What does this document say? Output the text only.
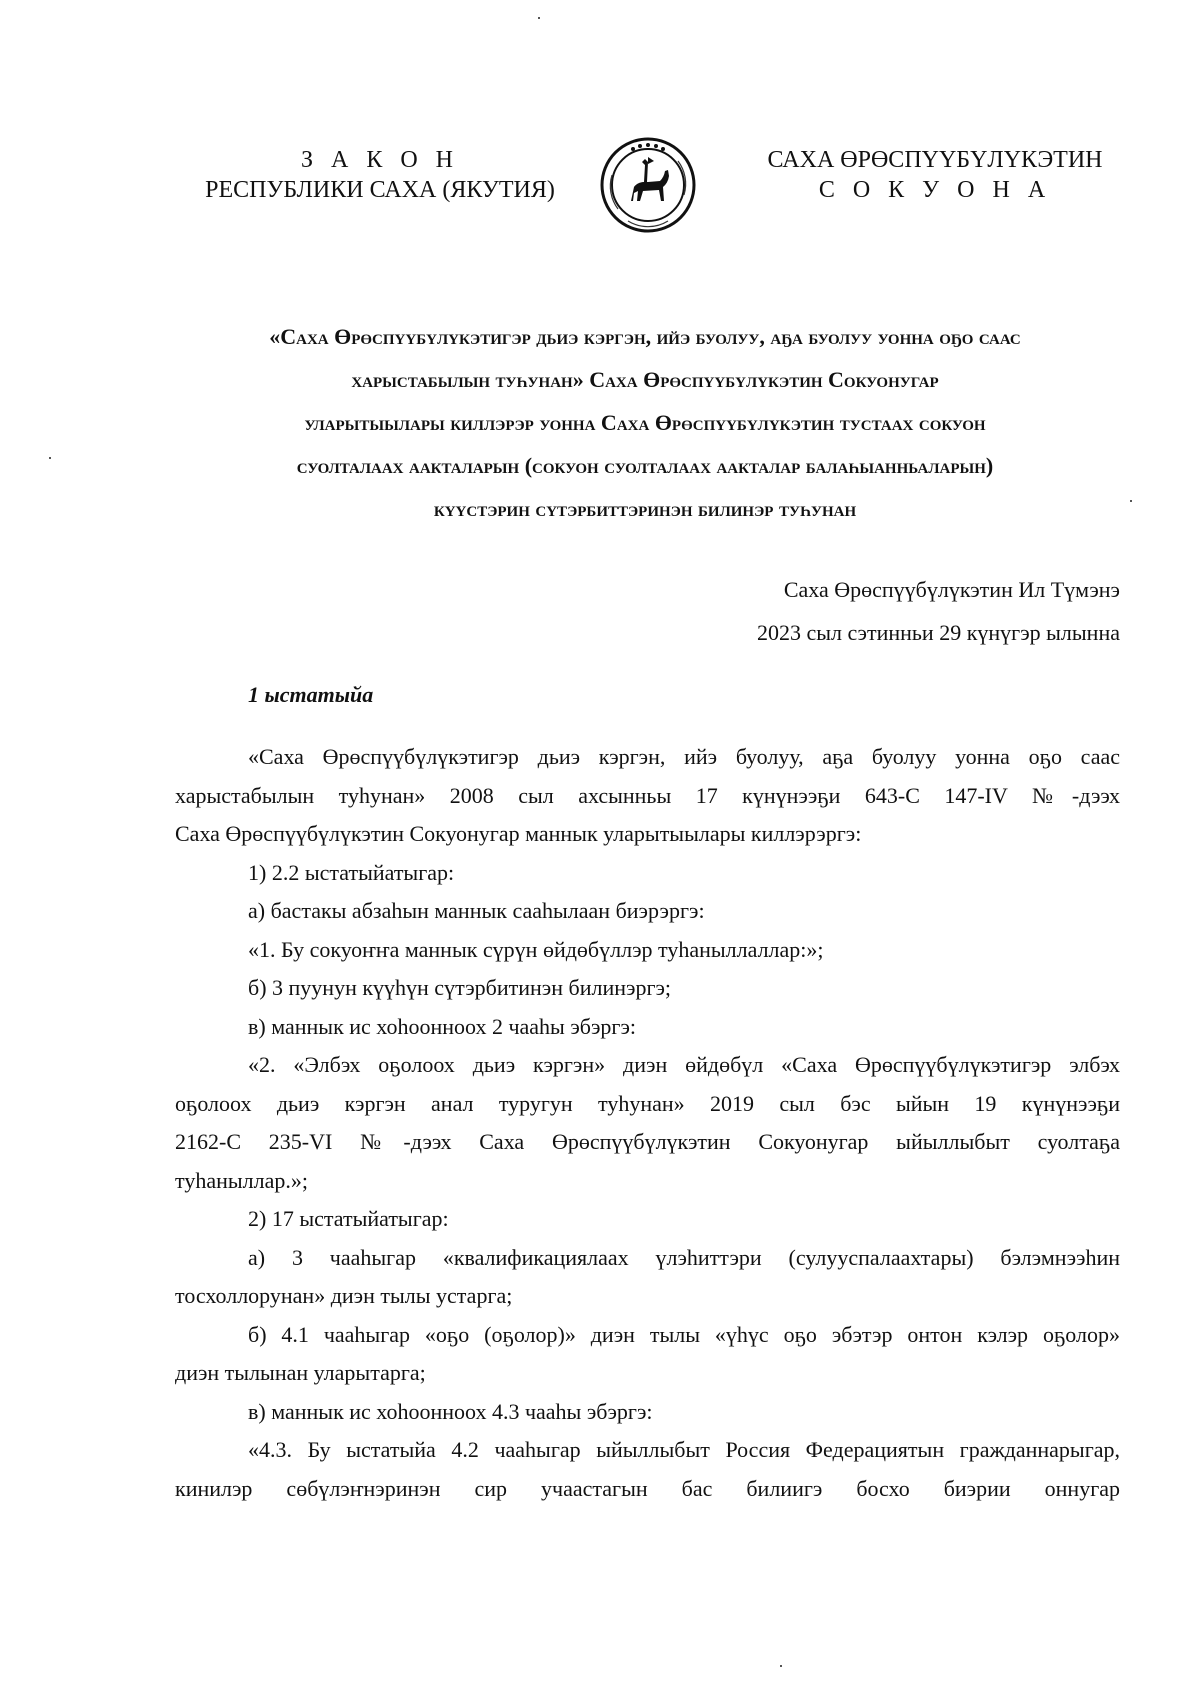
З А К О Н
РЕСПУБЛИКИ САХА (ЯКУТИЯ)
САХА ӨРӨСПҮҮБҮЛҮКЭТИН
С О К У О Н А
«Саха Өрөспүүбүлүкэтигэр дьиэ кэргэн, ийэ буолуу, аҕа буолуу уонна оҕо саас
харыстабылын туһунан» Саха Өрөспүүбүлүкэтин Сокуонугар
уларытыылары киллэрэр уонна Саха Өрөспүүбүлүкэтин тустаах сокуон
суолталаах аакталарын (сокуон суолталаах аакталар балаһыанньаларын)
күүстэрин сүтэрбиттэринэн билинэр туһунан
Саха Өрөспүүбүлүкэтин Ил Түмэнэ
2023 сыл сэтинньи 29 күнүгэр ылынна
1 ыстатыйа

«Саха Өрөспүүбүлүкэтигэр дьиэ кэргэн, ийэ буолуу, аҕа буолуу уонна оҕо саас

харыстабылын туһунан» 2008 сыл ахсынньы 17 күнүнээҕи 643-С 147-IV №-дээх

Саха Өрөспүүбүлүкэтин Сокуонугар маннык уларытыылары киллэрэргэ:

1) 2.2 ыстатыйатыгар:

а) бастакы абзаһын маннык сааһылаан биэрэргэ:

«1. Бу сокуоҥҥа маннык сүрүн өйдөбүллэр туһаныллаллар:»;

б) 3 пуунун күүһүн сүтэрбитинэн билинэргэ;

в) маннык ис хоһоонноох 2 чааһы эбэргэ:

«2. «Элбэх оҕолоох дьиэ кэргэн» диэн өйдөбүл «Саха Өрөспүүбүлүкэтигэр элбэх

оҕолоох дьиэ кэргэн анал туругун туһунан» 2019 сыл бэс ыйын 19 күнүнээҕи

2162-С 235-VI №-дээх Саха Өрөспүүбүлүкэтин Сокуонугар ыйыллыбыт суолтаҕа

туһаныллар.»;

2) 17 ыстатыйатыгар:

а) 3 чааһыгар «квалификациялаах үлэһиттэри (сулууспалаахтары) бэлэмнээһин

тосхоллорунан» диэн тылы устарга;

б) 4.1 чааһыгар «оҕо (оҕолор)» диэн тылы «үһүс оҕо эбэтэр онтон кэлэр оҕолор»

диэн тылынан уларытарга;

в) маннык ис хоһоонноох 4.3 чааһы эбэргэ:

«4.3. Бу ыстатыйа 4.2 чааһыгар ыйыллыбыт Россия Федерациятын гражданнарыгар,

кинилэр сөбүлэҥнэринэн сир учаастагын бас билиигэ босхо биэрии оннугар
